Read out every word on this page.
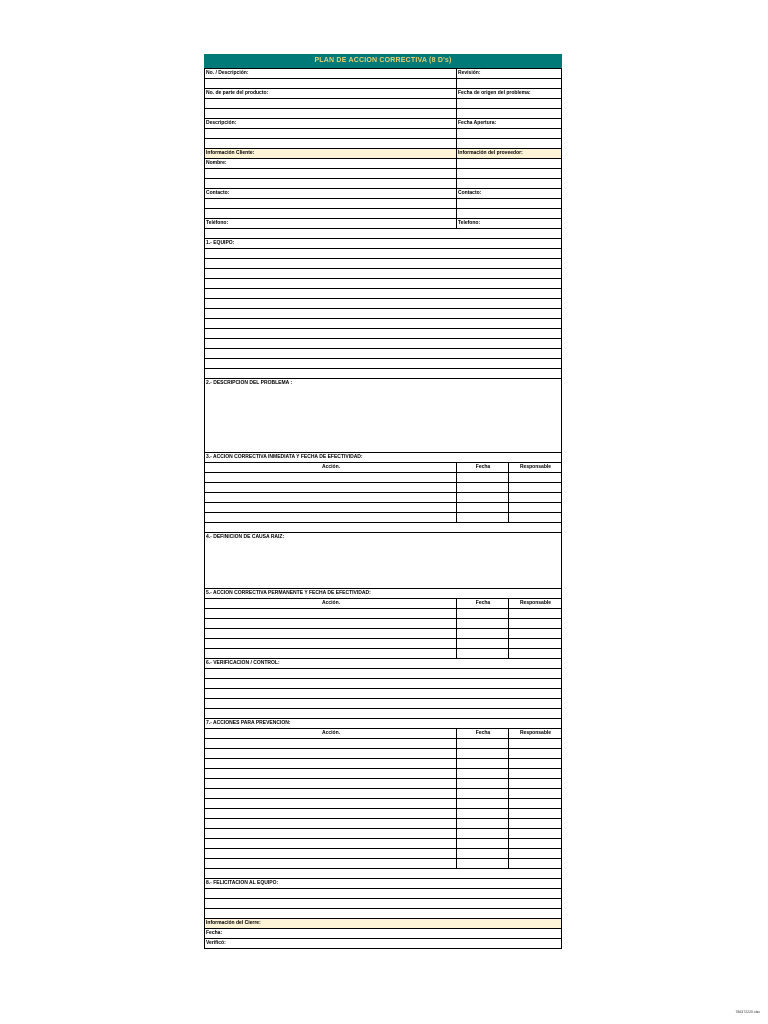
PLAN DE ACCION CORRECTIVA (8 D's)
No. / Descripción:	Revisión:
No. de parte del producto:	Fecha de origen del problema:
Descripción:	Fecha Apertura:
Información Cliente:	Información del proveedor:
Nombre:
Contacto:	Contacto:
Teléfono:	Telefono:
1.- EQUIPO:
2.- DESCRIPCION DEL PROBLEMA :
3.- ACCION CORRECTIVA INMEDIATA Y FECHA DE EFECTIVIDAD:
Acción.	Fecha	Responsable
4.- DEFINICION DE CAUSA RAIZ:
5.- ACCION CORRECTIVA PERMANENTE Y FECHA DE EFECTIVIDAD:
Acción.	Fecha	Responsable
6.- VERIFICACION / CONTROL:
7.- ACCIONES PARA PREVENCION:
Acción.	Fecha	Responsable
8.- FELICITACION AL EQUIPO:
Información del Cierre:
Fecha:
Verificó:
786372220.xlsx
